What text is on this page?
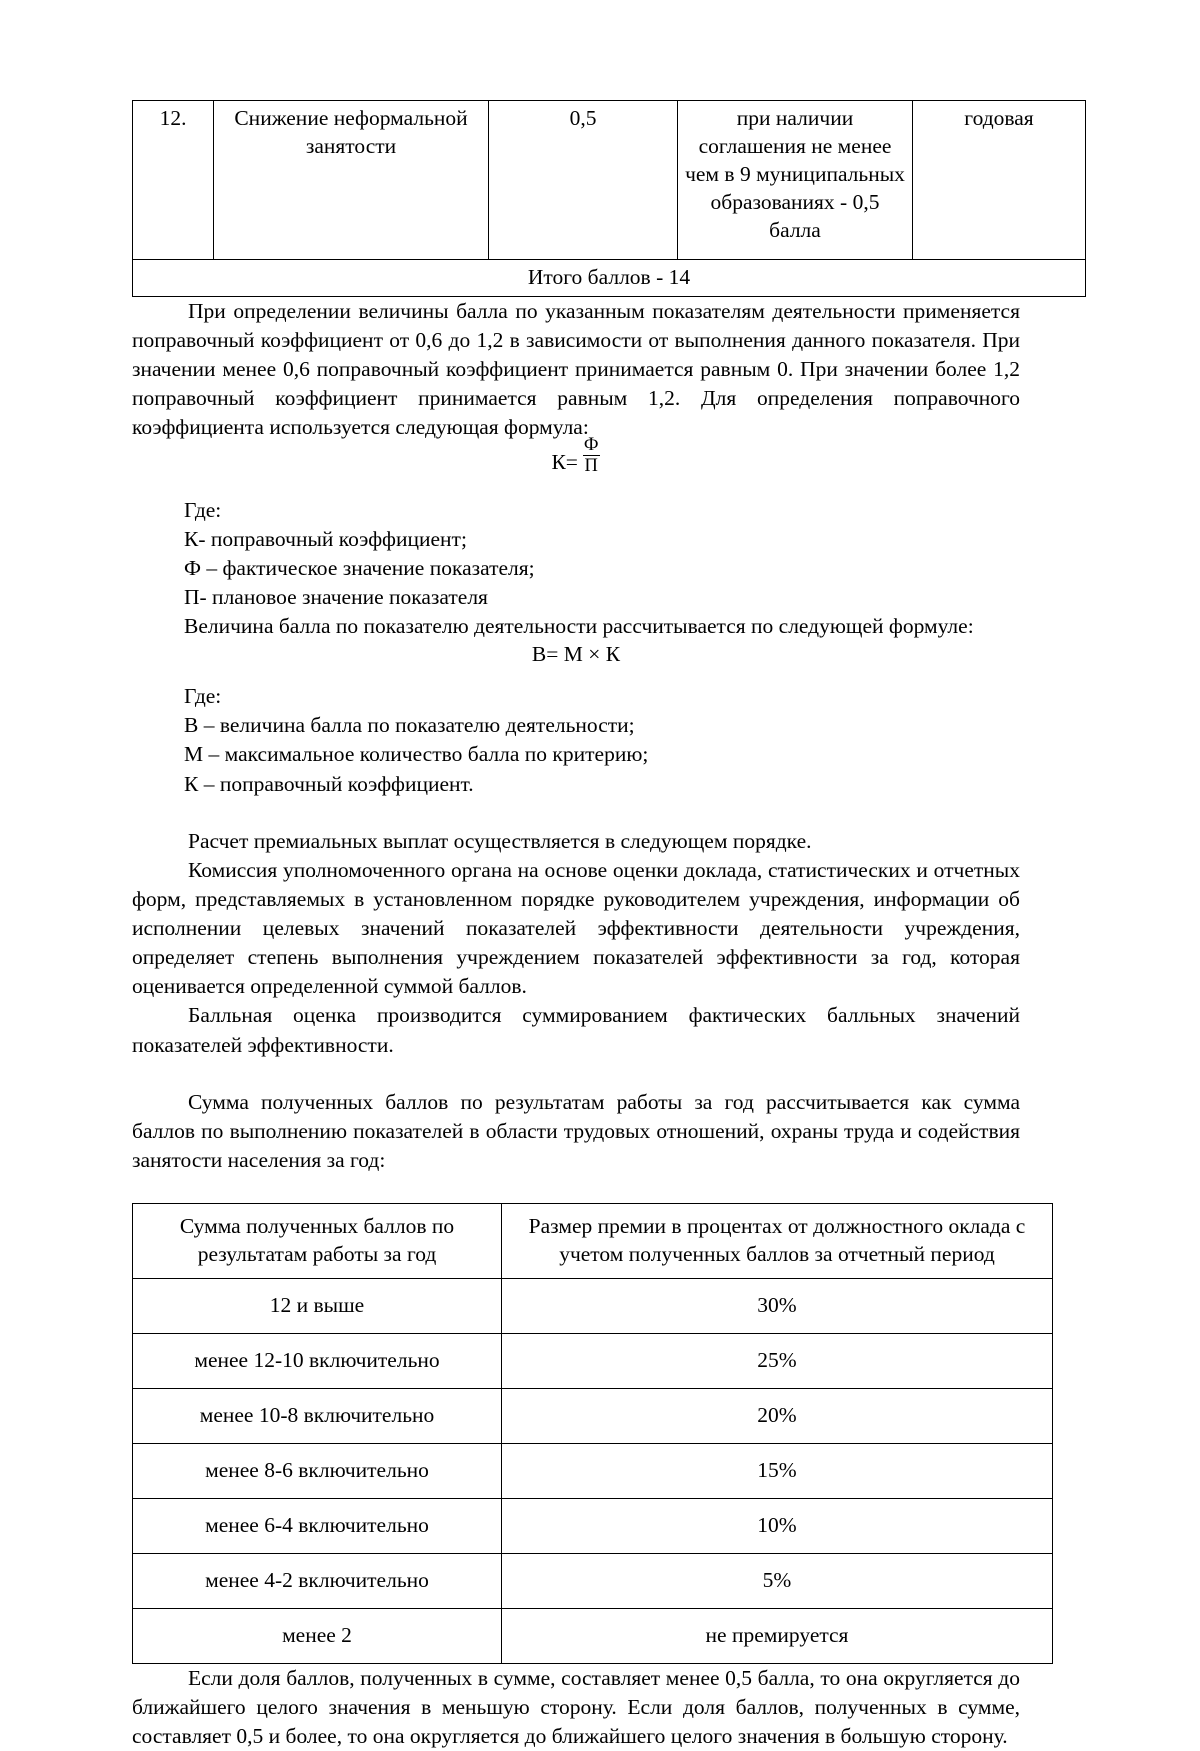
12.	Снижение неформальной занятости	0,5	при наличии соглашения не менее чем в 9 муниципальных образованиях - 0,5 балла	годовая
Итого баллов - 14

При определении величины балла по указанным показателям деятельности применяется поправочный коэффициент от 0,6 до 1,2 в зависимости от выполнения данного показателя. При значении менее 0,6 поправочный коэффициент принимается равным 0. При значении более 1,2 поправочный коэффициент принимается равным 1,2. Для определения поправочного коэффициента используется следующая формула:

$К= \frac{Ф}{П}$

Где:

К- поправочный коэффициент;

Ф – фактическое значение показателя;

П- плановое значение показателя

Величина балла по показателю деятельности рассчитывается по следующей формуле:

В= М × К

Где:

В – величина балла по показателю деятельности;

М – максимальное количество балла по критерию;

К – поправочный коэффициент.

Расчет премиальных выплат осуществляется в следующем порядке.

Комиссия уполномоченного органа на основе оценки доклада, статистических и отчетных форм, представляемых в установленном порядке руководителем учреждения, информации об исполнении целевых значений показателей эффективности деятельности учреждения, определяет степень выполнения учреждением показателей эффективности за год, которая оценивается определенной суммой баллов.

Балльная оценка производится суммированием фактических балльных значений показателей эффективности.

Сумма полученных баллов по результатам работы за год рассчитывается как сумма баллов по выполнению показателей в области трудовых отношений, охраны труда и содействия занятости населения за год:

Сумма полученных баллов по результатам работы за год	Размер премии в процентах от должностного оклада с учетом полученных баллов за отчетный период
12 и выше	30%
менее 12-10 включительно	25%
менее 10-8 включительно	20%
менее 8-6 включительно	15%
менее 6-4 включительно	10%
менее 4-2 включительно	5%
менее 2	не премируется

Если доля баллов, полученных в сумме, составляет менее 0,5 балла, то она округляется до ближайшего целого значения в меньшую сторону. Если доля баллов, полученных в сумме, составляет 0,5 и более, то она округляется до ближайшего целого значения в большую сторону.
